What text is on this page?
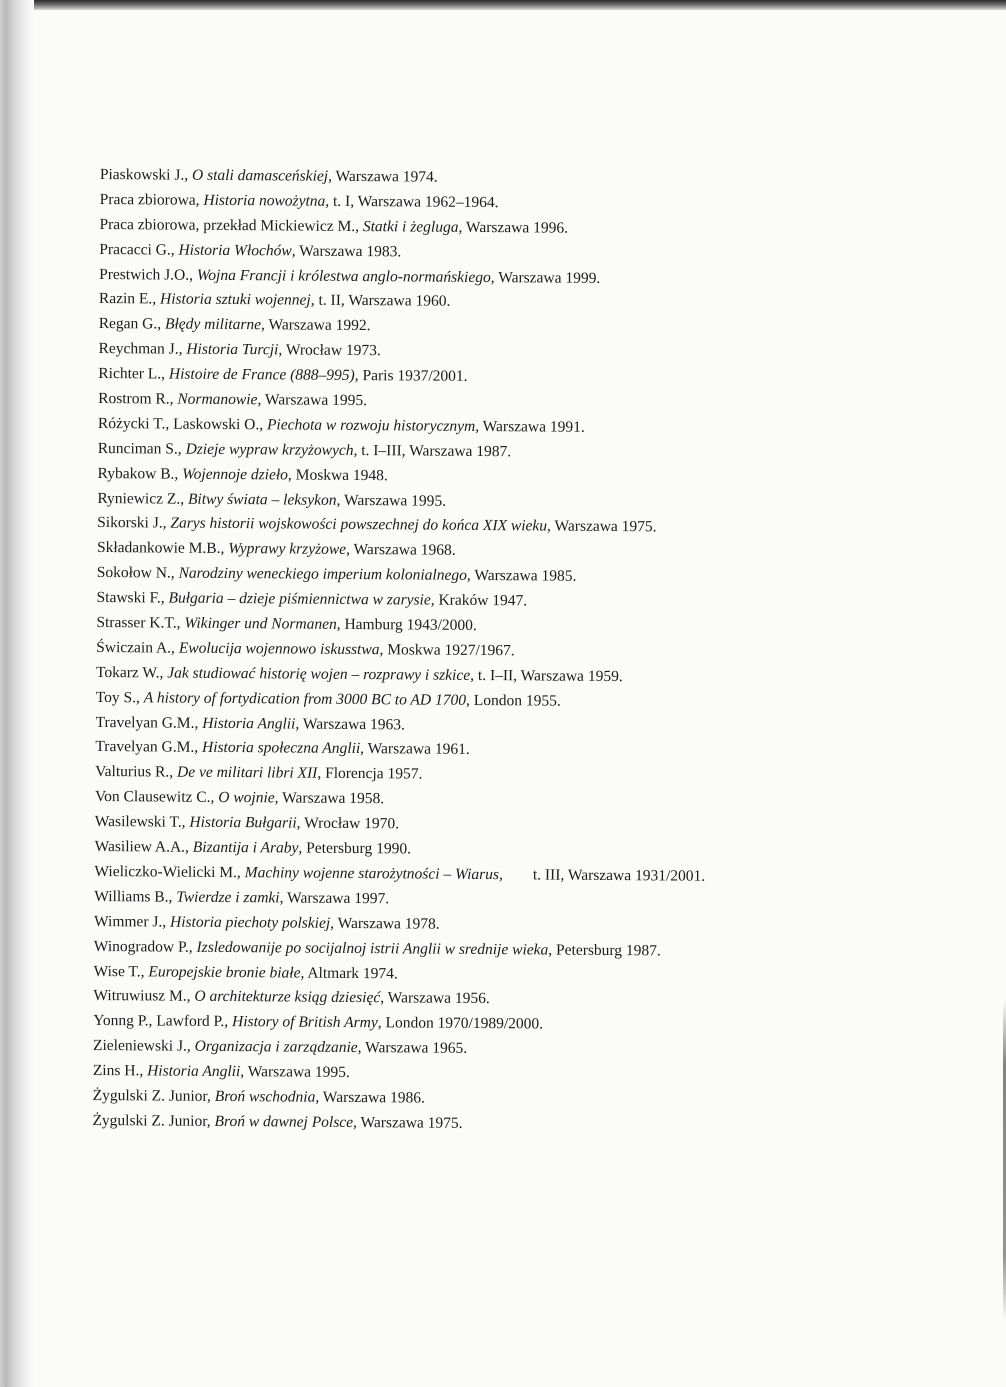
Piaskowski J., O stali damasceńskiej, Warszawa 1974.
Praca zbiorowa, Historia nowożytna, t. I, Warszawa 1962–1964.
Praca zbiorowa, przekład Mickiewicz M., Statki i żegluga, Warszawa 1996.
Pracacci G., Historia Włochów, Warszawa 1983.
Prestwich J.O., Wojna Francji i królestwa anglo-normańskiego, Warszawa 1999.
Razin E., Historia sztuki wojennej, t. II, Warszawa 1960.
Regan G., Błędy militarne, Warszawa 1992.
Reychman J., Historia Turcji, Wrocław 1973.
Richter L., Histoire de France (888–995), Paris 1937/2001.
Rostrom R., Normanowie, Warszawa 1995.
Różycki T., Laskowski O., Piechota w rozwoju historycznym, Warszawa 1991.
Runciman S., Dzieje wypraw krzyżowych, t. I–III, Warszawa 1987.
Rybakow B., Wojennoje dzieło, Moskwa 1948.
Ryniewicz Z., Bitwy świata – leksykon, Warszawa 1995.
Sikorski J., Zarys historii wojskowości powszechnej do końca XIX wieku, Warszawa 1975.
Składankowie M.B., Wyprawy krzyżowe, Warszawa 1968.
Sokołow N., Narodziny weneckiego imperium kolonialnego, Warszawa 1985.
Stawski F., Bułgaria – dzieje piśmiennictwa w zarysie, Kraków 1947.
Strasser K.T., Wikinger und Normanen, Hamburg 1943/2000.
Świczain A., Ewolucija wojennowo iskusstwa, Moskwa 1927/1967.
Tokarz W., Jak studiować historię wojen – rozprawy i szkice, t. I–II, Warszawa 1959.
Toy S., A history of fortydication from 3000 BC to AD 1700, London 1955.
Travelyan G.M., Historia Anglii, Warszawa 1963.
Travelyan G.M., Historia społeczna Anglii, Warszawa 1961.
Valturius R., De ve militari libri XII, Florencja 1957.
Von Clausewitz C., O wojnie, Warszawa 1958.
Wasilewski T., Historia Bułgarii, Wrocław 1970.
Wasiliew A.A., Bizantija i Araby, Petersburg 1990.
Wieliczko-Wielicki M., Machiny wojenne starożytności – Wiarus, t. III, Warszawa 1931/2001.
Williams B., Twierdze i zamki, Warszawa 1997.
Wimmer J., Historia piechoty polskiej, Warszawa 1978.
Winogradow P., Izsledowanije po socijalnoj istrii Anglii w srednije wieka, Petersburg 1987.
Wise T., Europejskie bronie białe, Altmark 1974.
Witruwiusz M., O architekturze ksiąg dziesięć, Warszawa 1956.
Yonng P., Lawford P., History of British Army, London 1970/1989/2000.
Zieleniewski J., Organizacja i zarządzanie, Warszawa 1965.
Zins H., Historia Anglii, Warszawa 1995.
Żygulski Z. Junior, Broń wschodnia, Warszawa 1986.
Żygulski Z. Junior, Broń w dawnej Polsce, Warszawa 1975.
